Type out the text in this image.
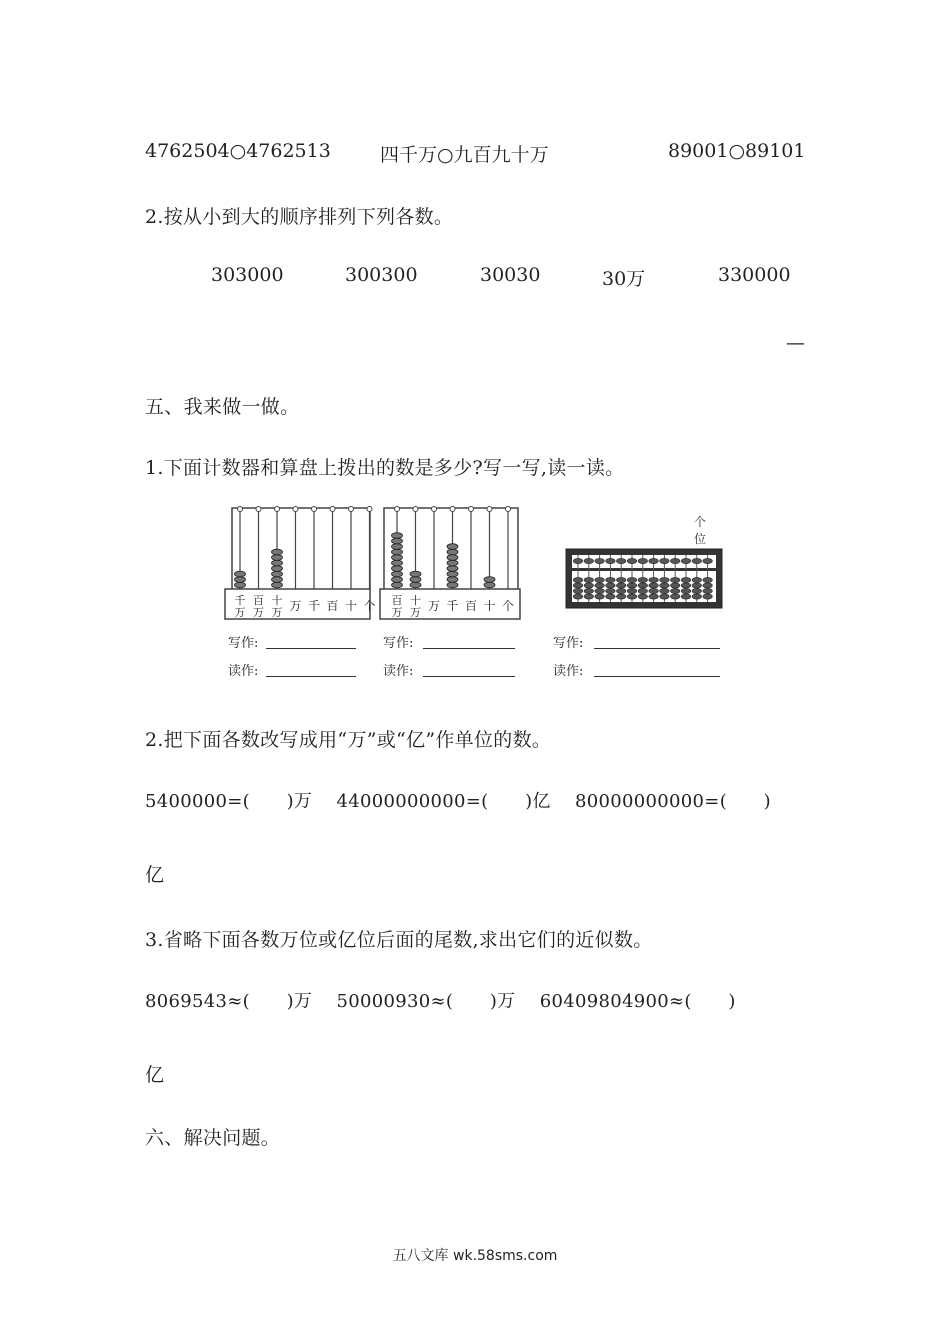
4762504○4762513	四千万○九百九十万	89001○89101
2.按从小到大的顺序排列下列各数。
303000	300300	30030	30万	330000
—
五、我来做一做。
1.下面计数器和算盘上拨出的数是多少?写一写,读一读。
千
万
百
万
十
万 万 千 百 十 个 百
万
十
万 万 千 百 十 个
个
位
写作:
读作:
写作:
读作:
写作:
读作:
2.把下面各数改写成用“万”或“亿”作单位的数。
5400000=(　　)万　 44000000000=(　　)亿　 80000000000=(　　)
亿
3.省略下面各数万位或亿位后面的尾数,求出它们的近似数。
8069543≈(　　)万　 50000930≈(　　)万　 60409804900≈(　　)
亿
六、解决问题。
五八文库 wk.58sms.com
